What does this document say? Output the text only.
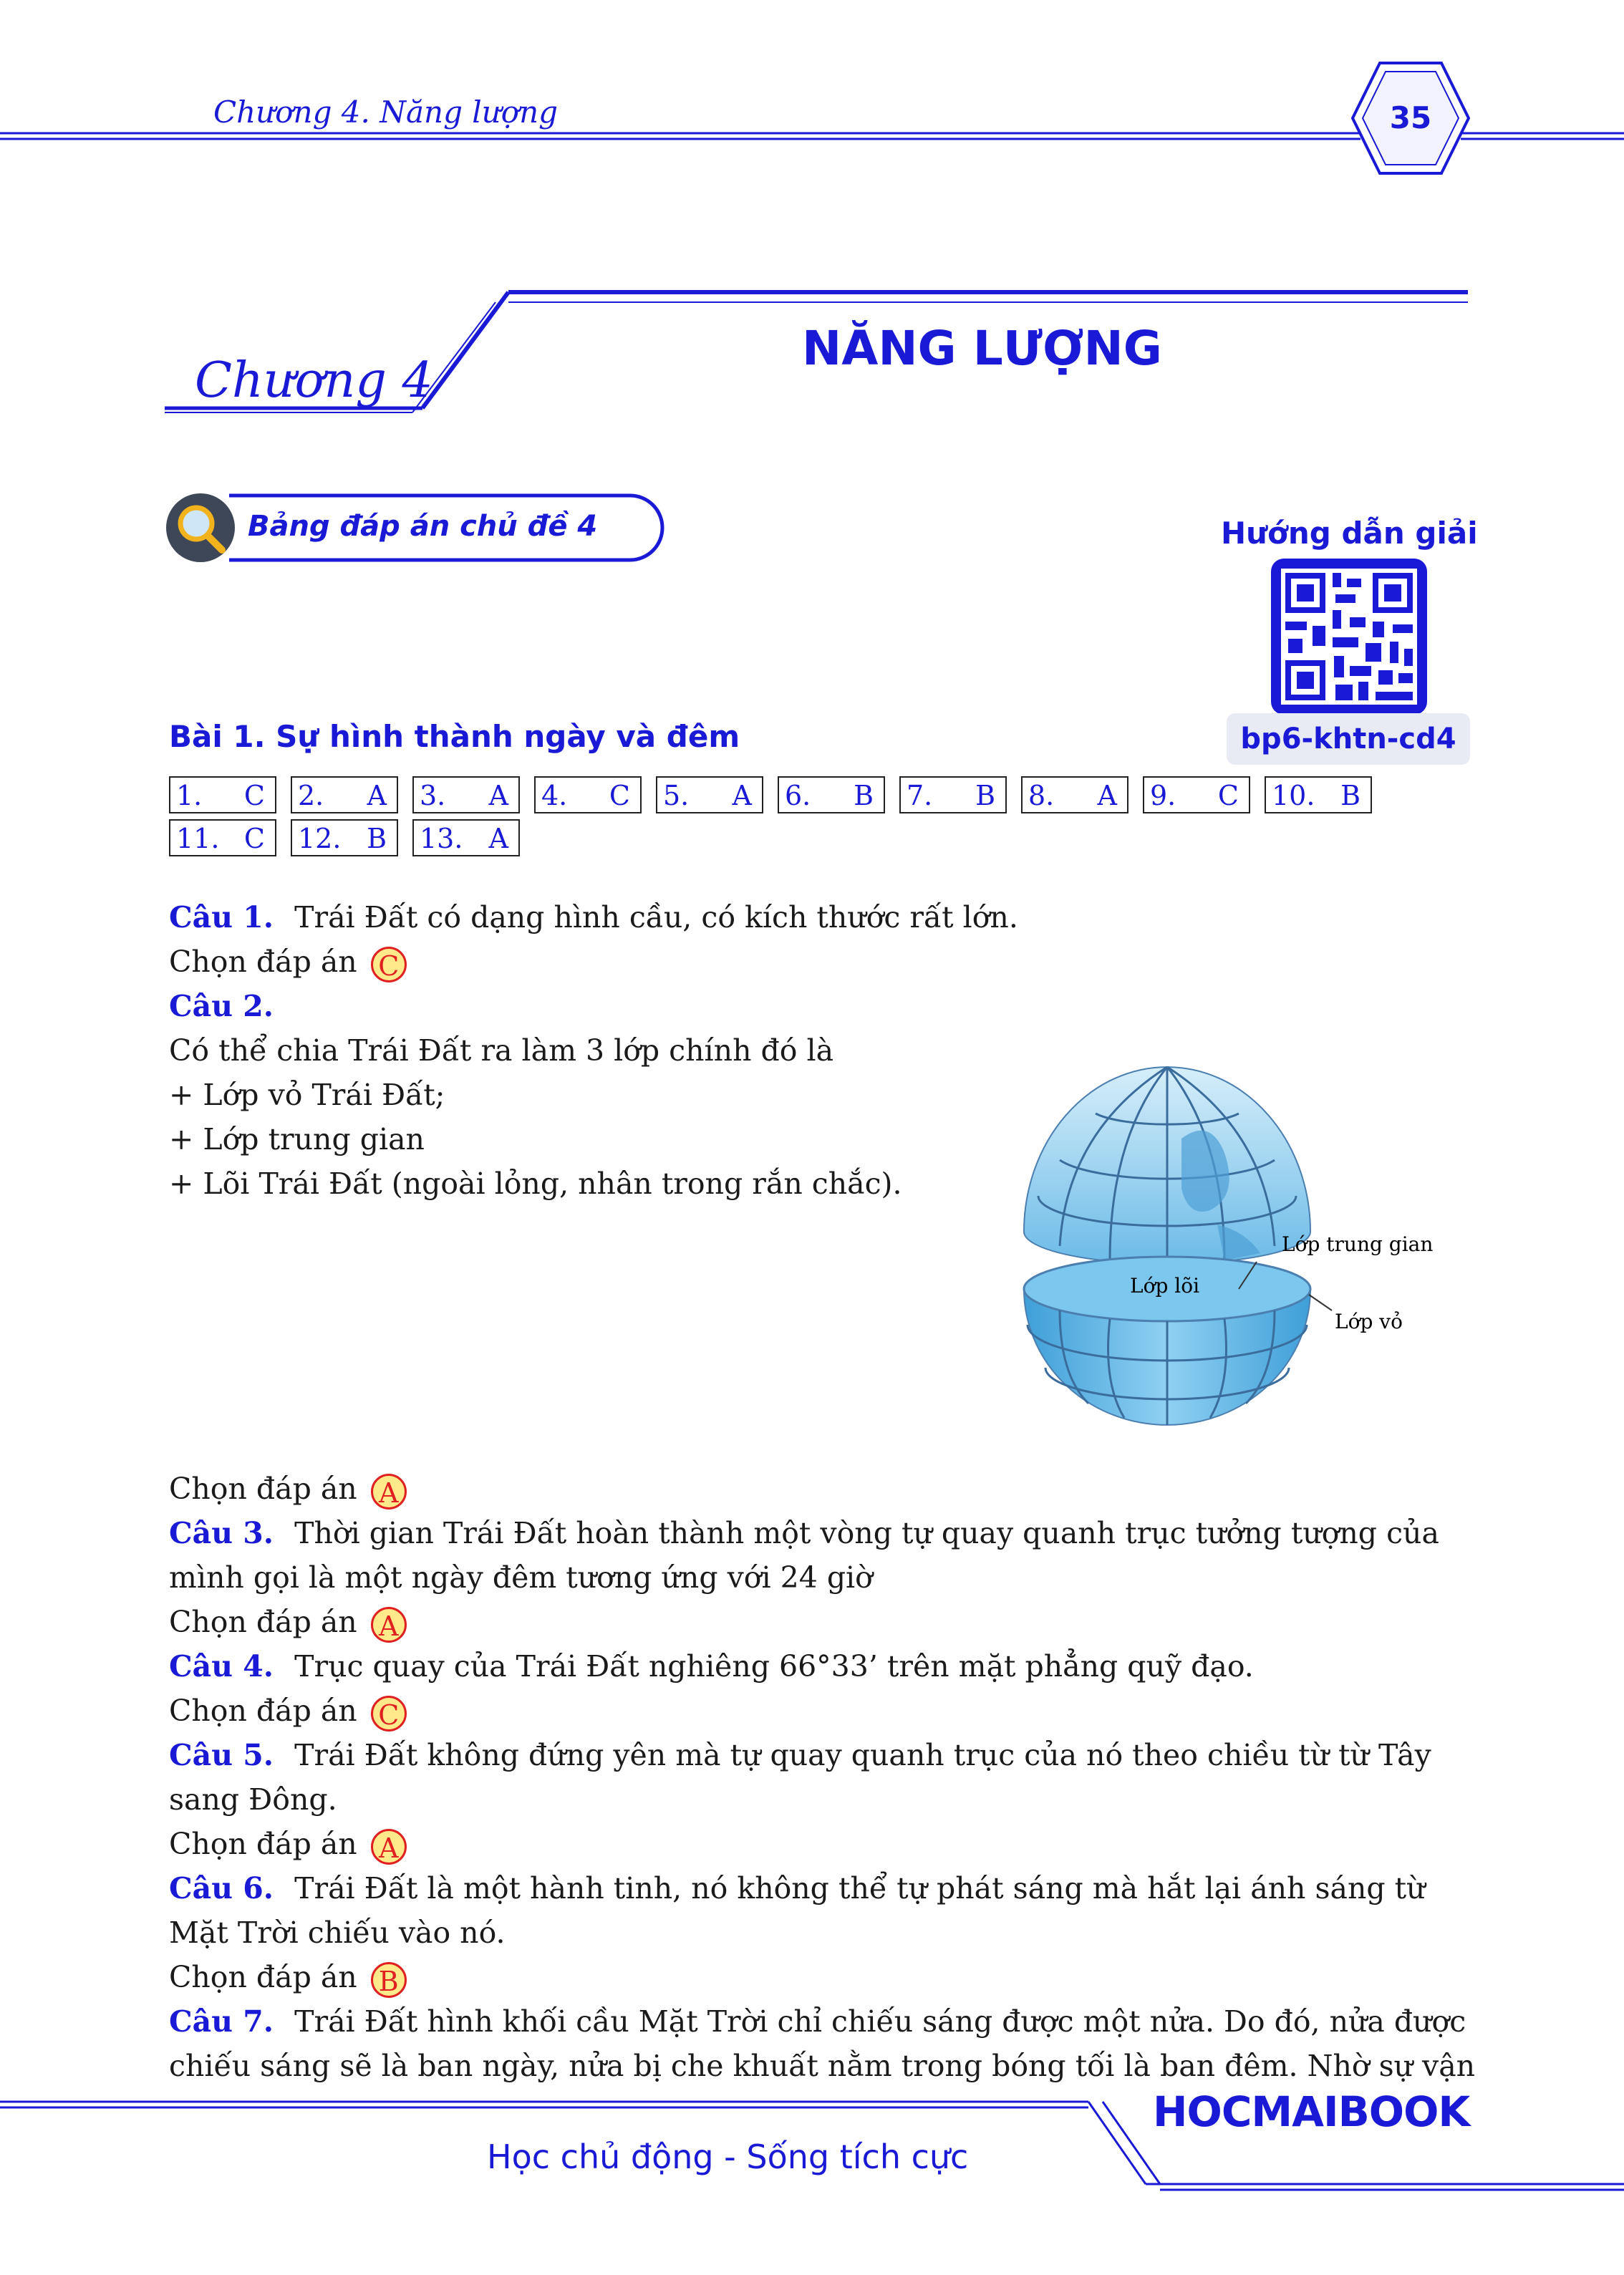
Chương 4. Năng lượng	35
Chương 4
NĂNG LƯỢNG
Bảng đáp án chủ đề 4	Hướng dẫn giải
bp6-khtn-cd4
Bài 1. Sự hình thành ngày và đêm
1. C 2. A 3. A 4. C 5. A 6. B 7. B 8. A 9. C 10. B
11. C 12. B 13. A
Câu 1. Trái Đất có dạng hình cầu, có kích thước rất lớn.
Chọn đáp án C
Câu 2.
Có thể chia Trái Đất ra làm 3 lớp chính đó là
+ Lớp vỏ Trái Đất;
+ Lớp trung gian
+ Lõi Trái Đất (ngoài lỏng, nhân trong rắn chắc).
Lớp lõi
Lớp trung gian
Lớp vỏ
Chọn đáp án A
Câu 3. Thời gian Trái Đất hoàn thành một vòng tự quay quanh trục tưởng tượng của
mình gọi là một ngày đêm tương ứng với 24 giờ
Chọn đáp án A
Câu 4. Trục quay của Trái Đất nghiêng 66°33’ trên mặt phẳng quỹ đạo.
Chọn đáp án C
Câu 5. Trái Đất không đứng yên mà tự quay quanh trục của nó theo chiều từ từ Tây
sang Đông.
Chọn đáp án A
Câu 6. Trái Đất là một hành tinh, nó không thể tự phát sáng mà hắt lại ánh sáng từ
Mặt Trời chiếu vào nó.
Chọn đáp án B
Câu 7. Trái Đất hình khối cầu Mặt Trời chỉ chiếu sáng được một nửa. Do đó, nửa được
chiếu sáng sẽ là ban ngày, nửa bị che khuất nằm trong bóng tối là ban đêm. Nhờ sự vận
HOCMAIBOOK
Học chủ động - Sống tích cực
